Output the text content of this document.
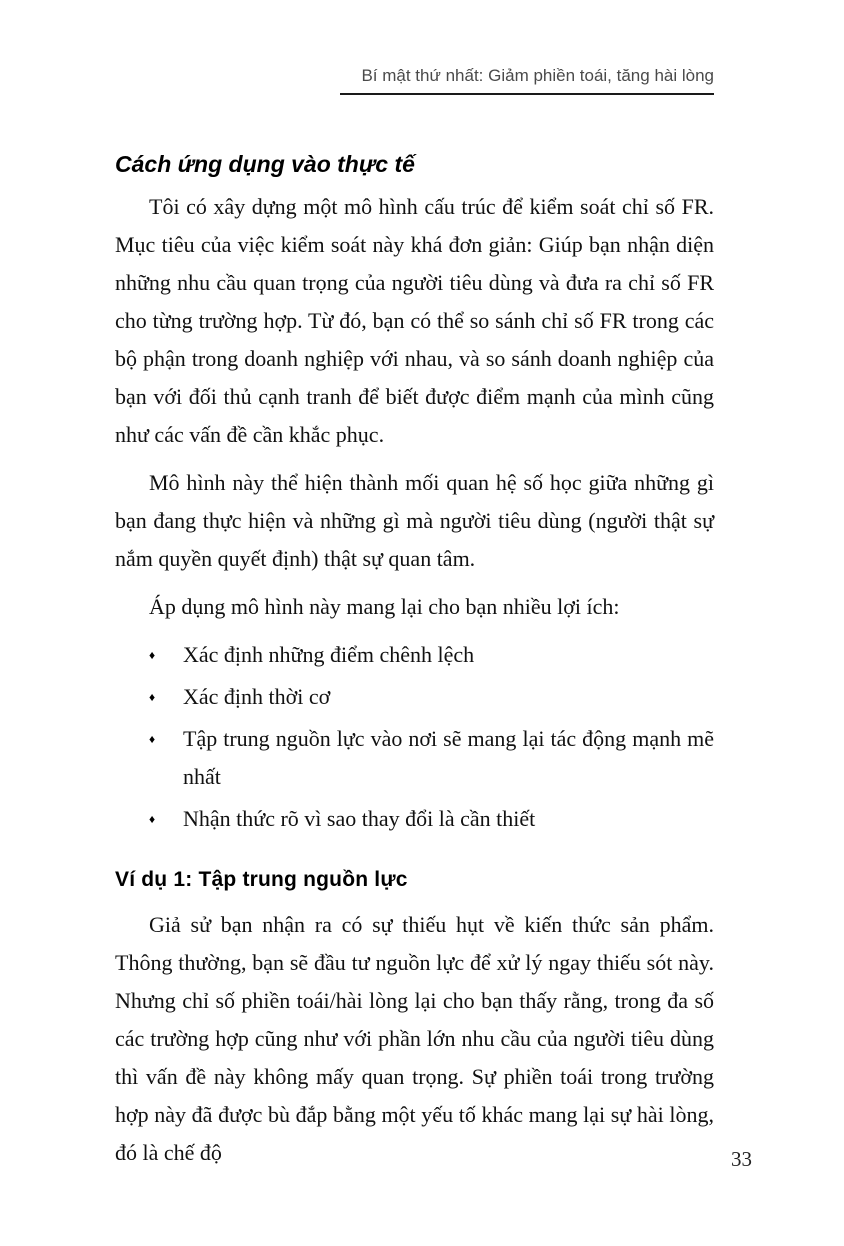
Bí mật thứ nhất: Giảm phiền toái, tăng hài lòng
Cách ứng dụng vào thực tế

Tôi có xây dựng một mô hình cấu trúc để kiểm soát chỉ số FR. Mục tiêu của việc kiểm soát này khá đơn giản: Giúp bạn nhận diện những nhu cầu quan trọng của người tiêu dùng và đưa ra chỉ số FR cho từng trường hợp. Từ đó, bạn có thể so sánh chỉ số FR trong các bộ phận trong doanh nghiệp với nhau, và so sánh doanh nghiệp của bạn với đối thủ cạnh tranh để biết được điểm mạnh của mình cũng như các vấn đề cần khắc phục.

Mô hình này thể hiện thành mối quan hệ số học giữa những gì bạn đang thực hiện và những gì mà người tiêu dùng (người thật sự nắm quyền quyết định) thật sự quan tâm.

Áp dụng mô hình này mang lại cho bạn nhiều lợi ích:

♦	Xác định những điểm chênh lệch
♦	Xác định thời cơ
♦	Tập trung nguồn lực vào nơi sẽ mang lại tác động mạnh mẽ nhất
♦	Nhận thức rõ vì sao thay đổi là cần thiết
Ví dụ 1: Tập trung nguồn lực

Giả sử bạn nhận ra có sự thiếu hụt về kiến thức sản phẩm. Thông thường, bạn sẽ đầu tư nguồn lực để xử lý ngay thiếu sót này. Nhưng chỉ số phiền toái/hài lòng lại cho bạn thấy rằng, trong đa số các trường hợp cũng như với phần lớn nhu cầu của người tiêu dùng thì vấn đề này không mấy quan trọng. Sự phiền toái trong trường hợp này đã được bù đắp bằng một yếu tố khác mang lại sự hài lòng, đó là chế độ	33
